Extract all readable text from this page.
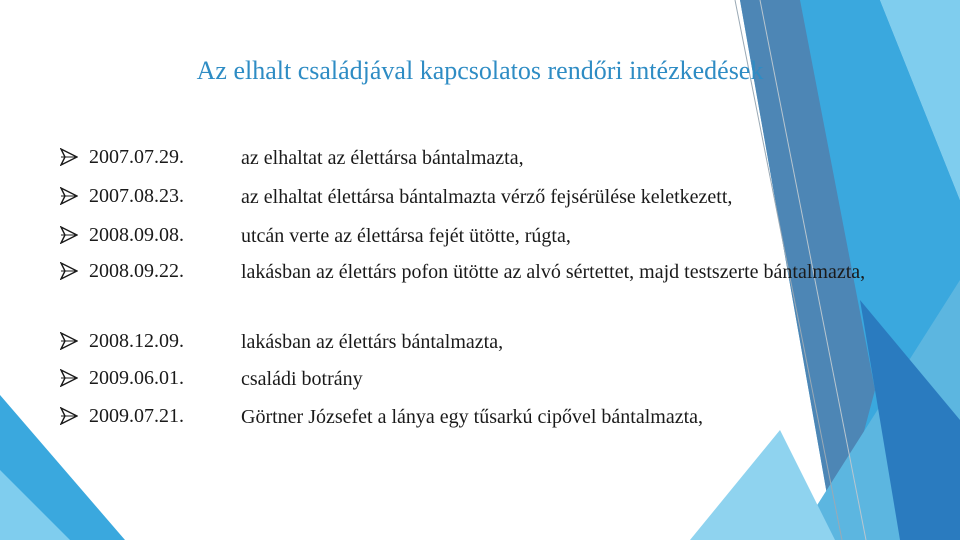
Az elhalt családjával kapcsolatos rendőri intézkedések
2007.07.29.	az elhaltat az élettársa bántalmazta,
2007.08.23.	az elhaltat élettársa bántalmazta vérző fejsérülése keletkezett,
2008.09.08.	utcán verte az élettársa fejét ütötte, rúgta,
2008.09.22.	lakásban az élettárs pofon ütötte az alvó sértettet, majd testszerte bántalmazta,
2008.12.09.	lakásban az élettárs bántalmazta,
2009.06.01.	családi botrány
2009.07.21.	Görtner Józsefet a lánya egy tűsarkú cipővel bántalmazta,
